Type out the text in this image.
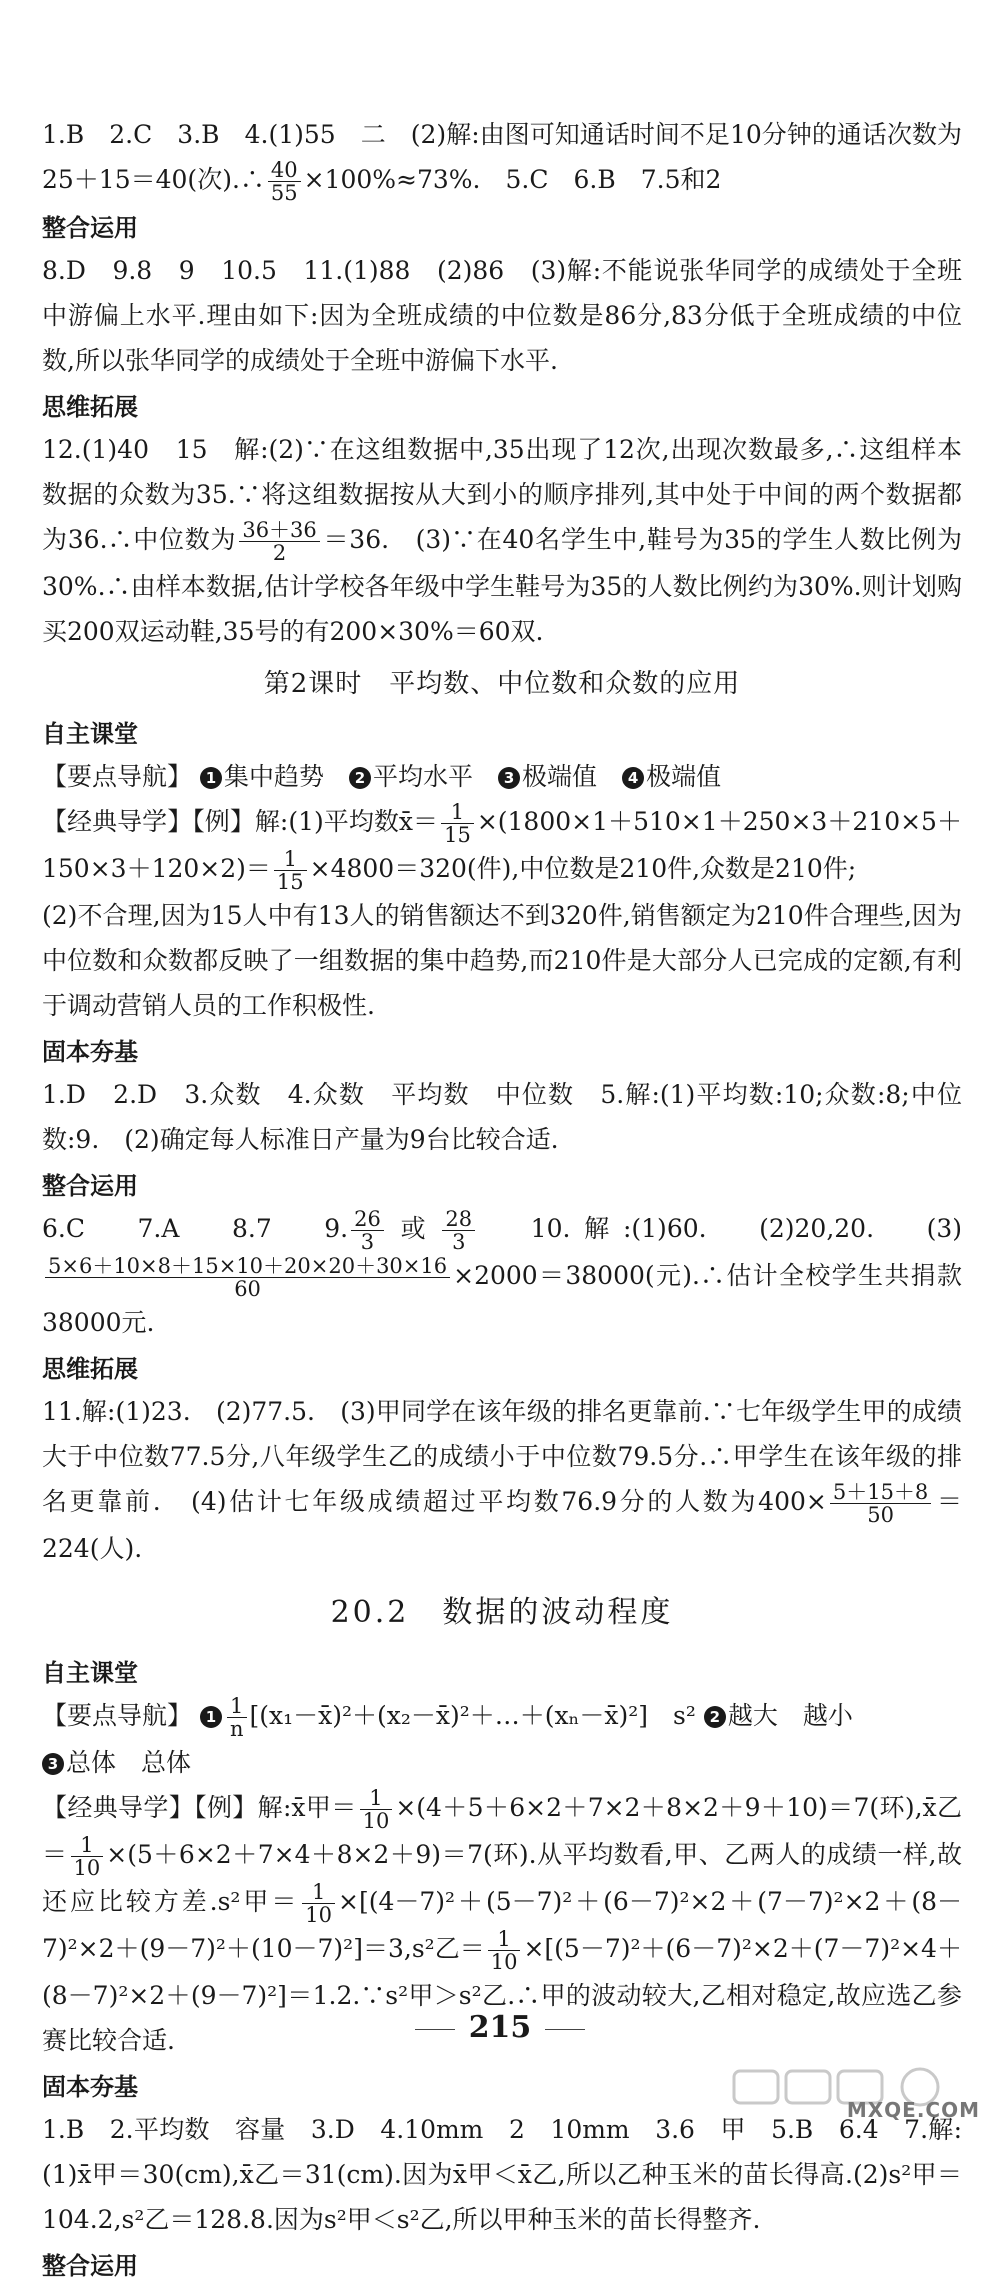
1.B　2.C　3.B　4.(1)55　二　(2)解:由图可知通话时间不足10分钟的通话次数为25＋15＝40(次).∴ $\frac{40}{55} \times 100\%\approx 73\%$.　5.C　6.B　7.5和2

整合运用

8.D　9.8　9　10.5　11.(1)88　(2)86　(3)解:不能说张华同学的成绩处于全班中游偏上水平.理由如下:因为全班成绩的中位数是86分,83分低于全班成绩的中位数,所以张华同学的成绩处于全班中游偏下水平.

思维拓展

12.(1)40　15　解:(2)∵在这组数据中,35出现了12次,出现次数最多,∴这组样本数据的众数为35.∵将这组数据按从大到小的顺序排列,其中处于中间的两个数据都为36.∴中位数为 $\frac{36+36}{2} =36$.　(3)∵在40名学生中,鞋号为35的学生人数比例为30%.∴由样本数据,估计学校各年级中学生鞋号为35的人数比例约为30%.则计划购买200双运动鞋,35号的有200×30%＝60双.

第2课时　平均数、中位数和众数的应用
自主课堂

【要点导航】 1 集中趋势　 2 平均水平　 3 极端值　 4 极端值

【经典导学】【例】解:(1)平均数x̄＝ $\frac{1}{15} \times(1800\times 1+510\times 1+250\times 3+210\times 5+150\times 3+120\times 2)= \frac{1}{15} \times 4800=320$(件),中位数是210件,众数是210件;

(2)不合理,因为15人中有13人的销售额达不到320件,销售额定为210件合理些,因为中位数和众数都反映了一组数据的集中趋势,而210件是大部分人已完成的定额,有利于调动营销人员的工作积极性.

固本夯基

1.D　2.D　3.众数　4.众数　平均数　中位数　5.解:(1)平均数:10;众数:8;中位数:9.　(2)确定每人标准日产量为9台比较合适.

整合运用

6.C　7.A　8.7　9. $\frac{26}{3}$ 或 $\frac{28}{3}$ 　10.解:(1)60.　(2)20,20.　(3)
$\frac{5\times 6+10\times 8+15\times 10+20\times 20+30\times 16}{60} \times 2000=38000$(元).∴估计全校学生共捐款38000元.

思维拓展

11.解:(1)23.　(2)77.5.　(3)甲同学在该年级的排名更靠前.∵七年级学生甲的成绩大于中位数77.5分,八年级学生乙的成绩小于中位数79.5分.∴甲学生在该年级的排名更靠前.　(4)估计七年级成绩超过平均数76.9分的人数为$400\times \frac{5+15+8}{50} =224$(人).

20.2　数据的波动程度
自主课堂

【要点导航】 $1 \frac{1}{n}$ [(x₁－x̄)²＋(x₂－x̄)²＋…＋(xₙ－x̄)²]　s² 2 越大　越小
3 总体　总体

【经典导学】【例】解:x̄甲＝ $\frac{1}{10} \times(4+5+6\times 2+7\times 2+8\times 2+9+10)=7$(环),x̄乙＝ $\frac{1}{10} \times(5+6\times 2+7\times 4+8\times 2+9)=7$(环).从平均数看,甲、乙两人的成绩一样,故还应比较方差.s²甲＝ $\frac{1}{10} \times[(4-7)^2+(5-7)^2+(6-7)^2\times 2+(7-7)^2\times 2+(8-7)^2\times 2+(9-7)^2+(10-7)^2]=3,s^2$乙＝ $\frac{1}{10}$ ×[(5－7)²＋(6－7)²×2＋(7－7)²×4＋(8－7)²×2＋(9－7)²]＝1.2.∵s²甲＞s²乙.∴甲的波动较大,乙相对稳定,故应选乙参赛比较合适.

固本夯基

1.B　2.平均数　容量　3.D　4.10mm　2　10mm　3.6　甲　5.B　6.4　7.解:(1)x̄甲＝30(cm),x̄乙＝31(cm).因为x̄甲＜x̄乙,所以乙种玉米的苗长得高.(2)s²甲＝104.2,s²乙＝128.8.因为s²甲＜s²乙,所以甲种玉米的苗长得整齐.

整合运用
215
MXQE.COM
